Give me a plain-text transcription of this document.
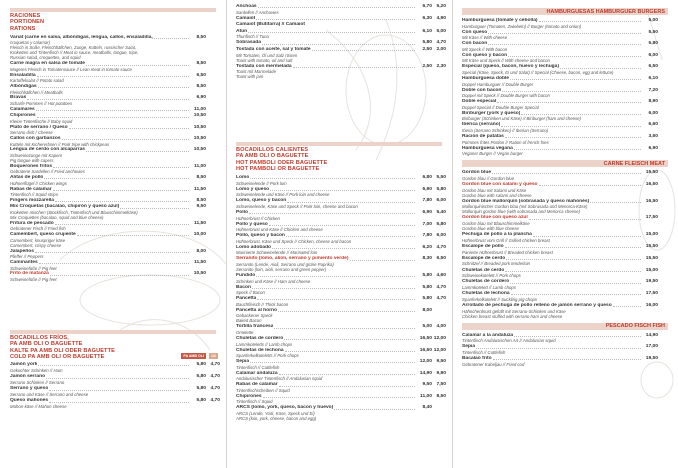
RACIONES
PORTIONEN
RATIONS
Variat (carne en salsa, albóndigas, lengua, callos, ensaladilla,	8,50
croquetas y calamar)
Fleisch in Soße, Fleischbällchen, Zunge, Kutteln, russischer Salat,
Kroketten und Tintenfisch // Meat in sauce, meatballs, tongue, tripe,
Russian salad, croquettes, and squid
Carne magra en salsa de tomate	8,50
Mageres Fleisch in Tomatensauce // Lean meat in tomato sauce
Ensaladilla	6,50
Kartoffelsalat // Potato salad
Albóndigas	8,50
Fleischbällchen // Meatballs
Bravas	6,90
Scharfe Pommes // Hot potatoes
Calamares	11,00
Chipirones	10,50
Kleine Tintenfische // Baby squid
Plato de serrano / Queso	10,50
Serrano dish / Cheese
Callos con garbanzos	10,50
Kutteln mit Kichererbsen // Pork tripe with chickpeas
Lengua de cerdo con alcaparras	10,50
Schweinezunge mit Kapern
Pig tongue with capers
Boquerones fritos	11,00
Gebratene Sardellen // Fried anchovies
Alitas de pollo	8,50
Hühnerflügel // Chicken wings
Rabas de calamar	11,50
Tintenfisch // Squid strips
Fingers mozzarella	8,50
Mix Croquetas (bacalao, chipirón y queso azul)	9,50
Kroketten mischen (Stockfisch, Tintenfisch und Blauschimmelkäse)
Mix Croquettes (bacalao, squid and blue cheese)
Fritura de pescado	11,50
Gebratener Fisch // Fried fish
Camembert, queso crujiente	10,00
Camembert, knuspriger käse
Camembert, crispy cheese
Jalapeños	8,00
Pfeffer // Peppers
Caminantes	11,50
Schweinefüße // Pig feet
Frito de matanza	10,50
Schweinefüße // Pig feet
BOCADILLOS FRÍOS,
PA AMB OLI O BAGUETTE
KALTE PA AMB OLI ODER BAGUETTE
COLD PA AMB OLI OR BAGUETTE	PA AMB OLI	1/2
Jamón york	5,80 4,70
Gekochter Schinken // Ham
Jamón serrano	5,80 4,70
Serrano Schinken // Serrano
Serrano y queso	5,80 4,70
Serrano und Käse // Serrano and cheese
Queso mahonés	5,80 4,70
Mahon-käse // Mahon cheese
Anchoas	6,70 5,20
Sardellen // Anchovies
Camaiot	6,30 4,90
Camaiot (Butifarra) // Camaiot
Atún	6,10 5,00
Thunfisch // Tuna
Sobrasada	5,80 4,70
Tostada con aceite, sal y tomate	2,50 2,00
Mit Tomaten, Öl und Salz rösten
Toast with tomato, oil and salt
Tostada con mermelada	2,50 2,30
Toast mit Marmelade
Toast with jam
BOCADILLOS CALIENTES
PA AMB OLI O BAGUETTE
HOT PAMBOLI ODER BAGUETTE
HOT PAMBOLI OR BAGUETTE
Lomo	6,80 5,50
Schweinelende // Pork loin
Lomo y queso	6,90 5,80
Schweinelende und Käse // Pork loin and cheese
Lomo, queso y bacon	7,80 6,00
Schweinelende, Käse und Speck // Pork loin, cheese and bacon
Pollo	6,90 5,40
Hühnerbrust // Chicken
Pollo y queso	7,00 5,80
Hühnerbrust und Käse // Chicken and cheese
Pollo, queso y bacon	7,80 6,00
Hühnerbrust, Käse und Speck // Chicken, cheese and bacon
Lomo adobado	6,20 4,70
Marinierte Schweinelende // Marinated loin
Serranito (lomo, alioli, serrano y pimiento verde)	8,30 6,50
Serranito (Lende, Aioli, Serrano und grüne Paprika)
Serranito (loin, aioli, serrano and green pepper)
Fundido	5,80 4,60
Schinken und Käse // Ham and cheese
Bacon	5,80 4,70
Speck // Bacon
Pancetta	5,80 4,70
Bauchfleisch // Thick bacon
Pancetta al horno	8,00
Gebackener Speck
Baked Bacon
Tortilla francesa	5,00 4,00
Omelette
Chuletas de cordero	16,50 12,00
Lammkoteletts // Lamb chops
Chuletas de lechona	16,50 12,00
Spanferkelkoteletts // Pork chops
Sepia	12,00 9,50
Tintenfisch // Cuttlefish
Calamar andaluza	14,90 9,90
Andalusischer Tintenfisch // Andalusian squid
Rabas de calamar	9,50 7,50
Tintenfischscheiben // Squid
Chipirones	11,00 8,50
Tintenfisch // Squid
ARCS (lomo, york, queso, bacon y huevo)	8,40
ARCS (Lende, York, Käse, Speck und Ei)
ARCS (loin, york, cheese, bacon and egg)
HAMBURGUESAS HAMBURGUER BURGERS
Hamburguesa (tomate y cebolla)	5,00
Hamburguer (Tomaten, Zwiebeln) // Burger (tomato and onion)
Con queso	5,50
Mit Käse // With cheese
Con bacon	5,80
Mit Speck // With bacon
Con queso y bacon	6,00
Mit Käse und Speck // With cheese and bacon
Especial (queso, bacon, huevo y lechuga)	6,50
Special (Käse, Speck, Ei und Salat) // Special (Cheese, bacon, egg and lettuce)
Hamburguesa doble	6,10
Doppel Hamburguer // Double Burger
Doble con bacon	7,20
Doppel mit Speck // Double Burger with bacon
Doble especial	8,90
Doppel Special // Double Burger Special
Biriburger (york y queso)	6,00
Biriburger (Schinken und Käse) // Biriburger (ham and cheese)
Ibérica (serrano)	6,60
Iberia (Serrano Schinken) // Iberian (Serrano)
Ración de patatas	3,50
Pommes frites Portion // Ration of french fries
Hamburguesa vegana	6,90
Veganer Burger // Vegan burger
CARNE FLEISCH MEAT
Gordon blue	15,50
Gordon blau // Gordon blue
Gordon blue con salami y queso	16,50
Gordon blau mit Salami und Käse
Gordon blue with salami and cheese
Gordon blue mallorquín (sobrasada y queso mahonés)	16,50
Mallorquinischer Gordon blau (mit Sobrasada und Menorca-Käse)
Mallorquin gordon blue (with sobrasada and Menorca cheese)
Gordon blue con queso azul	17,50
Gordon blau mit Blauschimmelkäse
Gordon blue with blue cheese
Pechuga de pollo a la plancha	15,00
Hühnerbrust vom Grill // Grilled chicken breast
Escalope de pollo	15,50
Panierte Hühnerbrust // Breaded chicken breast
Escalope de cerdo	15,50
Schnitzel // Breaded pork tenderloin
Chuletas de cerdo	15,00
Schweinekotelett // Pork chops
Chuletas de cordero	19,50
Lammkotelett // Lamb chops
Chuletas de lechona	17,50
Spanferkelkotelett // Suckling pig chops
Arrollado de pechuga de pollo relleno de jamón serrano y queso	16,00
Hähnchenbrust gefüllt mit Serrano-Schinken und Käse
Chicken breast stuffed with serrano ham and cheese
PESCADO FISCH FISH
Calamar a la andaluza	14,90
Tintenfisch Andalusischen Art // Andalusian squid
Sepia	17,00
Tintenfisch // Cuttlefish
Bacalao frito	19,50
Gebratener Kabeljau // Fried cod
